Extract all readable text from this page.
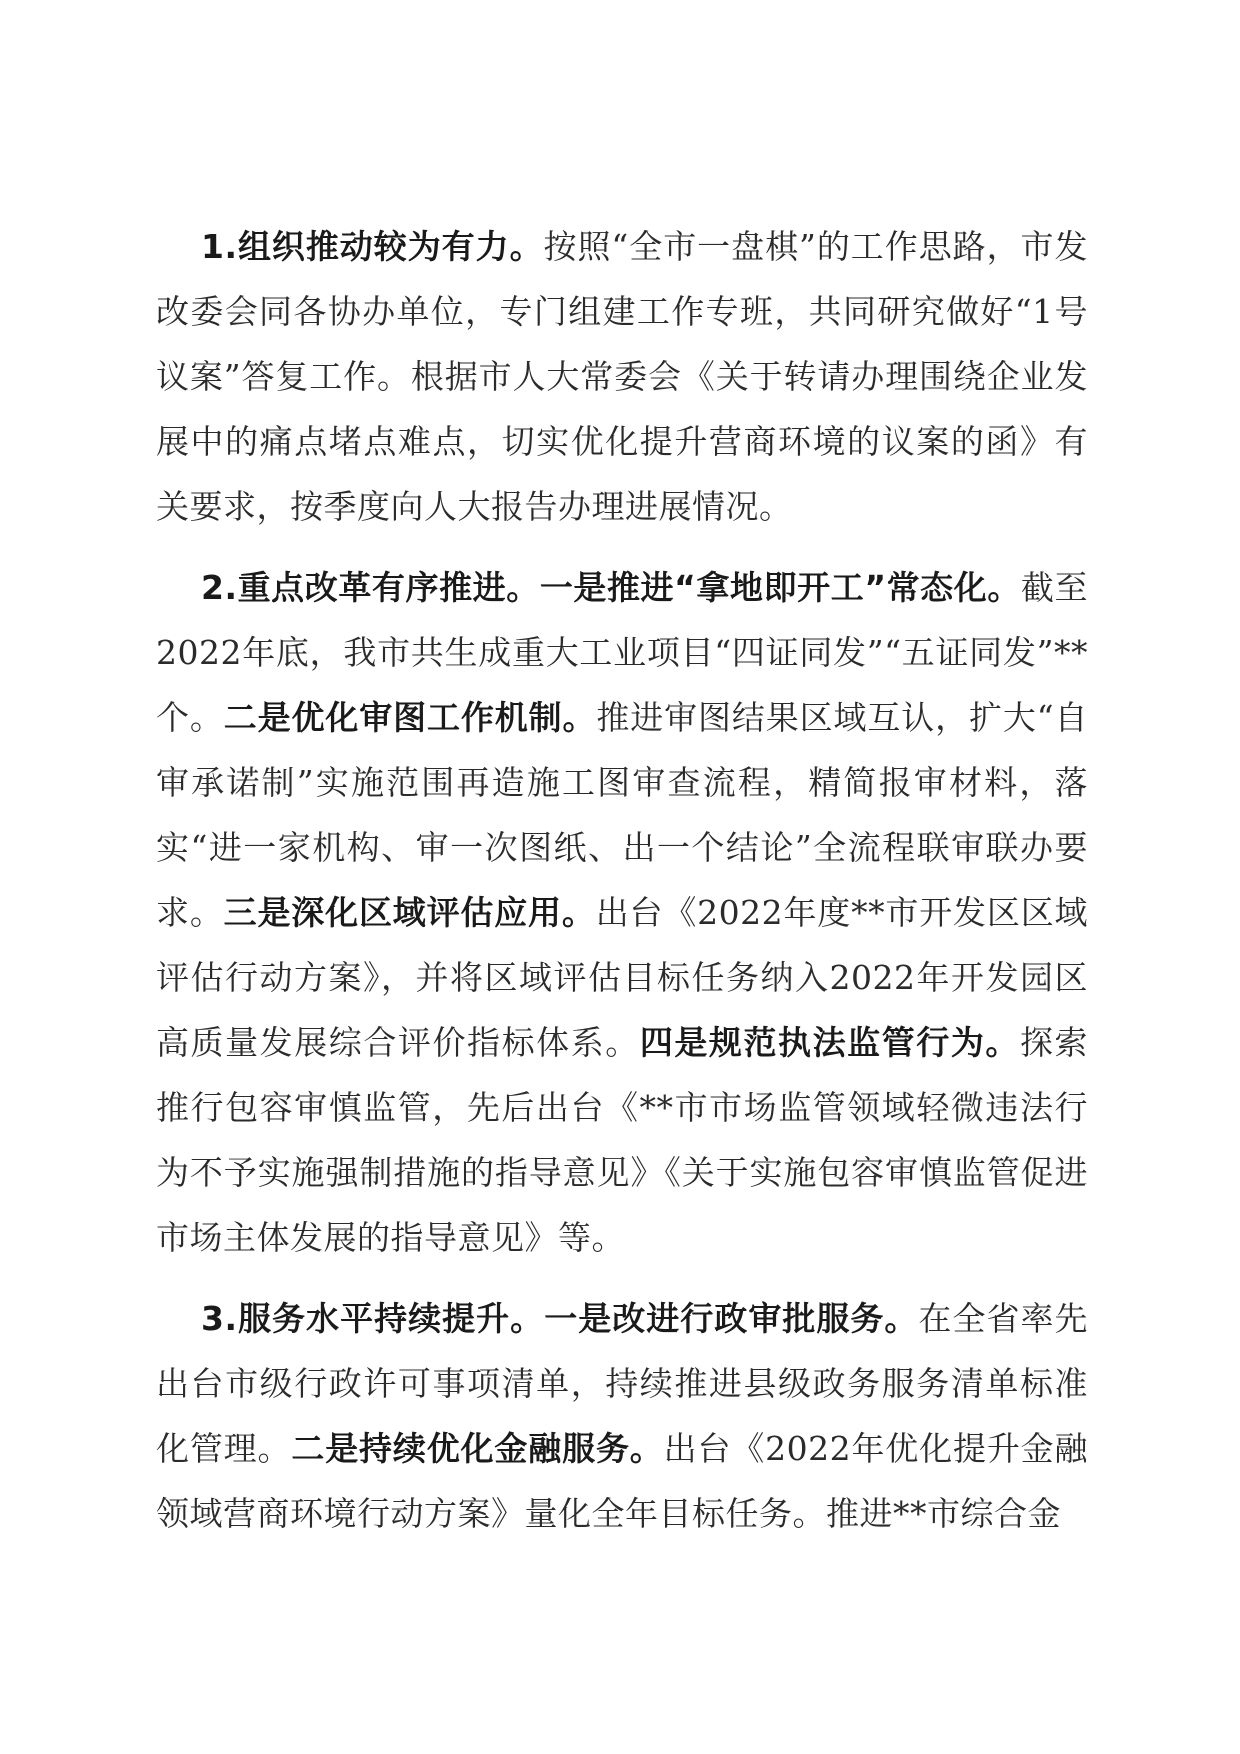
1.组织推动较为有力。按照“全市一盘棋”的工作思路，市发改委会同各协办单位，专门组建工作专班，共同研究做好“1号议案”答复工作。根据市人大常委会《关于转请办理围绕企业发展中的痛点堵点难点，切实优化提升营商环境的议案的函》有关要求，按季度向人大报告办理进展情况。

2.重点改革有序推进。一是推进“拿地即开工”常态化。截至2022年底，我市共生成重大工业项目“四证同发”“五证同发”**个。二是优化审图工作机制。推进审图结果区域互认，扩大“自审承诺制”实施范围再造施工图审查流程，精简报审材料，落实“进一家机构、审一次图纸、出一个结论”全流程联审联办要求。三是深化区域评估应用。出台《2022年度**市开发区区域评估行动方案》，并将区域评估目标任务纳入2022年开发园区高质量发展综合评价指标体系。四是规范执法监管行为。探索推行包容审慎监管，先后出台《**市市场监管领域轻微违法行为不予实施强制措施的指导意见》《关于实施包容审慎监管促进市场主体发展的指导意见》等。

3.服务水平持续提升。一是改进行政审批服务。在全省率先出台市级行政许可事项清单，持续推进县级政务服务清单标准化管理。二是持续优化金融服务。出台《2022年优化提升金融领域营商环境行动方案》量化全年目标任务。推进**市综合金
